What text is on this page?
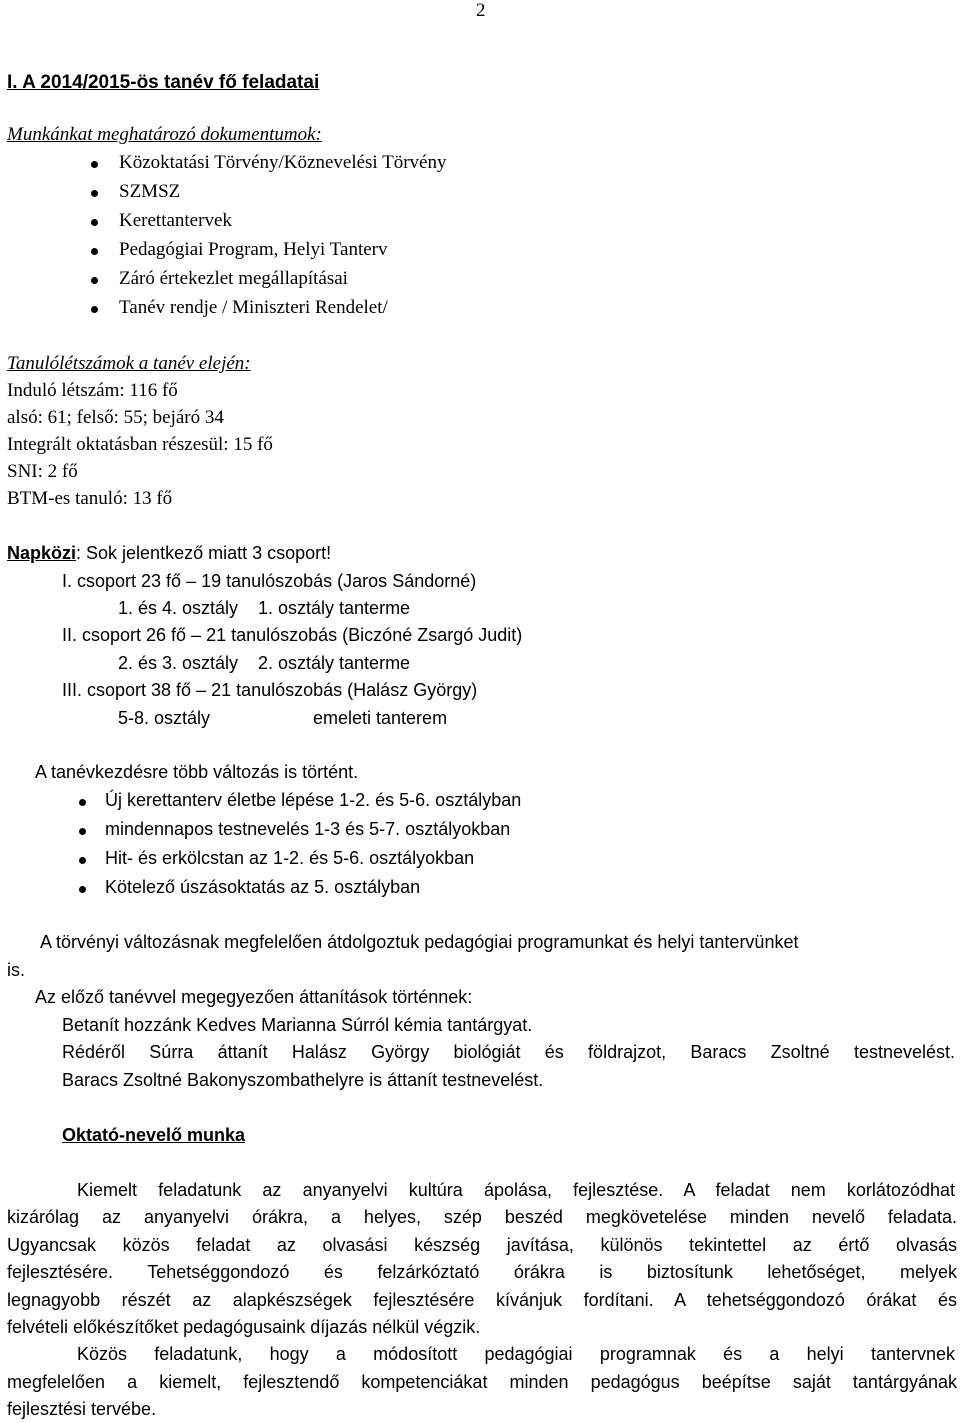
2
I. A 2014/2015-ös tanév fő feladatai
Munkánkat meghatározó dokumentumok:
Közoktatási Törvény/Köznevelési Törvény
SZMSZ
Kerettantervek
Pedagógiai Program, Helyi Tanterv
Záró értekezlet megállapításai
Tanév rendje / Miniszteri Rendelet/
Tanulólétszámok a tanév elején:
Induló létszám: 116 fő
alsó: 61; felső: 55; bejáró 34
Integrált oktatásban részesül: 15 fő
SNI: 2 fő
BTM-es tanuló: 13 fő
Napközi: Sok jelentkező miatt 3 csoport!
I. csoport 23 fő – 19 tanulószobás (Jaros Sándorné)
1. és 4. osztály 1. osztály tanterme
II. csoport 26 fő – 21 tanulószobás (Biczóné Zsargó Judit)
2. és 3. osztály 2. osztály tanterme
III. csoport 38 fő – 21 tanulószobás (Halász György)
5-8. osztály	emeleti tanterem
A tanévkezdésre több változás is történt.
Új kerettanterv életbe lépése 1-2. és 5-6. osztályban
mindennapos testnevelés 1-3 és 5-7. osztályokban
Hit- és erkölcstan az 1-2. és 5-6. osztályokban
Kötelező úszásoktatás az 5. osztályban
A törvényi változásnak megfelelően átdolgoztuk pedagógiai programunkat és helyi tantervünket
is.
Az előző tanévvel megegyezően áttanítások történnek:
Betanít hozzánk Kedves Marianna Súrról kémia tantárgyat.
Rédéről Súrra áttanít Halász György biológiát és földrajzot, Baracs Zsoltné testnevelést.
Baracs Zsoltné Bakonyszombathelyre is áttanít testnevelést.
Oktató-nevelő munka
Kiemelt feladatunk az anyanyelvi kultúra ápolása, fejlesztése. A feladat nem korlátozódhat
kizárólag az anyanyelvi órákra, a helyes, szép beszéd megkövetelése minden nevelő feladata.
Ugyancsak közös feladat az olvasási készség javítása, különös tekintettel az értő olvasás
fejlesztésére. Tehetséggondozó és felzárkóztató órákra is biztosítunk lehetőséget, melyek
legnagyobb részét az alapkészségek fejlesztésére kívánjuk fordítani. A tehetséggondozó órákat és
felvételi előkészítőket pedagógusaink díjazás nélkül végzik.
Közös feladatunk, hogy a módosított pedagógiai programnak és a helyi tantervnek
megfelelően a kiemelt, fejlesztendő kompetenciákat minden pedagógus beépítse saját tantárgyának
fejlesztési tervébe.
